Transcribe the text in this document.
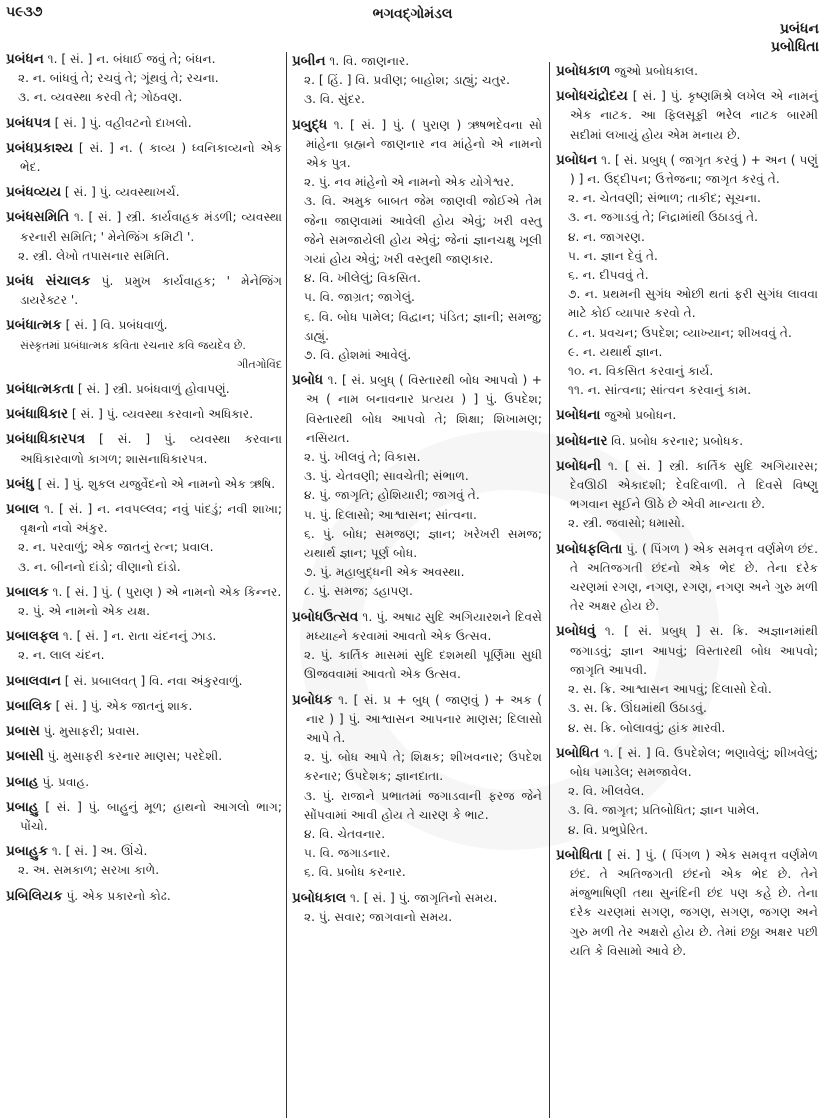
૫૯૩૭	ભગવદ્ગોમંડલ
પ્રબંધન
પ્રબોધિતા
પ્રબંધન ૧. [ સં. ] ન. બંધાઈ જવું તે; બંધન.
૨. ન. બાંધવું તે; રચવું તે; ગૂંથવું તે; રચના.
૩. ન. વ્યવસ્થા કરવી તે; ગોઠવણ.
પ્રબંધપત્ર [ સં. ] પું. વહીવટનો દાખલો.
પ્રબંધપ્રકાશ્ય [ સં. ] ન. ( કાવ્ય ) ધ્વનિકાવ્યનો એક ભેદ.
પ્રબંધવ્યય [ સં. ] પું. વ્યવસ્થાખર્ચ.
પ્રબંધસમિતિ ૧. [ સં. ] સ્ત્રી. કાર્યવાહક મંડળી; વ્યવસ્થા કરનારી સમિતિ; ' મેનેજિંગ કમિટી '.
૨. સ્ત્રી. લેખો તપાસનાર સમિતિ.
પ્રબંધ સંચાલક પું. પ્રમુખ કાર્યવાહક; ' મેનેજિંગ ડાયરેક્ટર '.
પ્રબંધાત્મક [ સં. ] વિ. પ્રબંધવાળું.
સંસ્કૃતમાં પ્રબંધાત્મક કવિતા રચનાર કવિ જયદેવ છે.
ગીતગોવિંદ
પ્રબંધાત્મકતા [ સં. ] સ્ત્રી. પ્રબંધવાળું હોવાપણું.
પ્રબંધાધિકાર [ સં. ] પું. વ્યવસ્થા કરવાનો અધિકાર.
પ્રબંધાધિકારપત્ર [ સં. ] પું. વ્યવસ્થા કરવાના અધિકારવાળો કાગળ; શાસનાધિકારપત્ર.
પ્રબંધુ [ સં. ] પું. શુકલ યજુર્વેદનો એ નામનો એક ઋષિ.
પ્રબાલ ૧. [ સં. ] ન. નવપલ્લવ; નવું પાંદડું; નવી શાખા; વૃક્ષનો નવો અંકુર.
૨. ન. પરવાળું; એક જાતનું રત્ન; પ્રવાલ.
૩. ન. બીનનો દાંડો; વીણાનો દાંડો.
પ્રબાલક ૧. [ સં. ] પું. ( પુરાણ ) એ નામનો એક કિન્નર.
૨. પું. એ નામનો એક યક્ષ.
પ્રબાલફલ ૧. [ સં. ] ન. રાતા ચંદનનું ઝાડ.
૨. ન. લાલ ચંદન.
પ્રબાલવાન [ સં. પ્રબાલવત્ ] વિ. નવા અંકુરવાળું.
પ્રબાલિક [ સં. ] પું. એક જાતનું શાક.
પ્રબાસ પું. મુસાફરી; પ્રવાસ.
પ્રબાસી પું. મુસાફરી કરનાર માણસ; પરદેશી.
પ્રબાહ પું. પ્રવાહ.
પ્રબાહુ [ સં. ] પું. બાહુનું મૂળ; હાથનો આગલો ભાગ; પોંચો.
પ્રબાહુક ૧. [ સં. ] અ. ઊંચે.
૨. અ. સમકાળ; સરખા કાળે.
પ્રબિલિયક પું. એક પ્રકારનો કોઢ.
પ્રબીન ૧. વિ. જાણનાર.
૨. [ હિં. ] વિ. પ્રવીણ; બાહોશ; ડાહ્યું; ચતુર.
૩. વિ. સુંદર.
પ્રબુદ્ધ ૧. [ સં. ] પું. ( પુરાણ ) ઋષભદેવના સો માંહેના બ્રહ્મને જાણનાર નવ માંહેનો એ નામનો એક પુત્ર.
૨. પું. નવ માંહેનો એ નામનો એક યોગેશ્વર.
૩. વિ. અમુક બાબત જેમ જાણવી જોઈએ તેમ જેના જાણવામાં આવેલી હોય એવું; ખરી વસ્તુ જેને સમજાયેલી હોય એવું; જેનાં જ્ઞાનચક્ષુ ખૂલી ગયાં હોય એવું; ખરી વસ્તુથી જાણકાર.
૪. વિ. ખીલેલું; વિકસિત.
૫. વિ. જાગ્રત; જાગેલું.
૬. વિ. બોધ પામેલ; વિદ્વાન; પંડિત; જ્ઞાની; સમજુ; ડાહ્યું.
૭. વિ. હોશમાં આવેલું.
પ્રબોધ ૧. [ સં. પ્રબુધ્ ( વિસ્તારથી બોધ આપવો ) + અ ( નામ બનાવનાર પ્રત્યય ) ] પું. ઉપદેશ; વિસ્તારથી બોધ આપવો તે; શિક્ષા; શિખામણ; નસિયત.
૨. પું. ખીલવું તે; વિકાસ.
૩. પું. ચેતવણી; સાવચેતી; સંભાળ.
૪. પું. જાગૃતિ; હોશિયારી; જાગવું તે.
૫. પું. દિલાસો; આશ્વાસન; સાંત્વના.
૬. પું. બોધ; સમજણ; જ્ઞાન; ખરેખરી સમજ; યથાર્થ જ્ઞાન; પૂર્ણ બોધ.
૭. પું. મહાબુદ્ધની એક અવસ્થા.
૮. પું. સમજ; ડહાપણ.
પ્રબોધઉત્સવ ૧. પું. અષાઢ સુદિ અગિયારશને દિવસે મધ્યાહ્ને કરવામાં આવતો એક ઉત્સવ.
૨. પું. કાર્તિક માસમાં સુદિ દશમથી પૂર્ણિમા સુધી ઊજવવામાં આવતો એક ઉત્સવ.
પ્રબોધક ૧. [ સં. પ્ર + બુધ્ ( જાણવું ) + અક ( નાર ) ] પું. આશ્વાસન આપનાર માણસ; દિલાસો આપે તે.
૨. પું. બોધ આપે તે; શિક્ષક; શીખવનાર; ઉપદેશ કરનાર; ઉપદેશક; જ્ઞાનદાતા.
૩. પું. રાજાને પ્રભાતમાં જગાડવાની ફરજ જેને સોંપવામાં આવી હોય તે ચારણ કે ભાટ.
૪. વિ. ચેતવનાર.
૫. વિ. જગાડનાર.
૬. વિ. પ્રબોધ કરનાર.
પ્રબોધકાલ ૧. [ સં. ] પું. જાગૃતિનો સમય.
૨. પું. સવાર; જાગવાનો સમય.
પ્રબોધકાળ જુઓ પ્રબોધકાલ.
પ્રબોધચંદ્રોદય [ સં. ] પું. કૃષ્ણમિશ્રે લખેલ એ નામનું એક નાટક. આ ફિલસૂફી ભરેલ નાટક બારમી સદીમાં લખાયું હોય એમ મનાય છે.
પ્રબોધન ૧. [ સં. પ્રબુધ્ ( જાગૃત કરવું ) + અન ( પણું ) ] ન. ઉદ્દીપન; ઉત્તેજના; જાગૃત કરવું તે.
૨. ન. ચેતવણી; સંભાળ; તાકીદ; સૂચના.
૩. ન. જગાડવું તે; નિદ્રામાંથી ઉઠાડવું તે.
૪. ન. જાગરણ.
૫. ન. જ્ઞાન દેવું તે.
૬. ન. દીપવવું તે.
૭. ન. પ્રથમની સુગંધ ઓછી થતાં ફરી સુગંધ લાવવા માટે કોઈ વ્યાપાર કરવો તે.
૮. ન. પ્રવચન; ઉપદેશ; વ્યાખ્યાન; શીખવવું તે.
૯. ન. યથાર્થ જ્ઞાન.
૧૦. ન. વિકસિત કરવાનું કાર્ય.
૧૧. ન. સાંત્વના; સાંત્વન કરવાનું કામ.
પ્રબોધના જુઓ પ્રબોધન.
પ્રબોધનાર વિ. પ્રબોધ કરનાર; પ્રબોધક.
પ્રબોધની ૧. [ સં. ] સ્ત્રી. કાર્તિક સુદિ અગિયારસ; દેવઊઠી એકાદશી; દેવદિવાળી. તે દિવસે વિષ્ણુ ભગવાન સૂઈને ઊઠે છે એવી માન્યતા છે.
૨. સ્ત્રી. જવાસો; ધમાસો.
પ્રબોધફલિતા પું. ( પિંગળ ) એક સમવૃત્ત વર્ણમેળ છંદ. તે અતિજગતી છંદનો એક ભેદ છે. તેના દરેક ચરણમાં રગણ, નગણ, રગણ, નગણ અને ગુરુ મળી તેર અક્ષર હોય છે.
પ્રબોધવું ૧. [ સં. પ્રબુધ્ ] સ. ક્રિ. અજ્ઞાનમાંથી જગાડવું; જ્ઞાન આપવું; વિસ્તારથી બોધ આપવો; જાગૃતિ આપવી.
૨. સ. ક્રિ. આશ્વાસન આપવું; દિલાસો દેવો.
૩. સ. ક્રિ. ઊંઘમાંથી ઉઠાડવું.
૪. સ. ક્રિ. બોલાવવું; હાંક મારવી.
પ્રબોધિત ૧. [ સં. ] વિ. ઉપદેશેલ; ભણાવેલું; શીખવેલું; બોધ પમાડેલ; સમજાવેલ.
૨. વિ. ખીલવેલ.
૩. વિ. જાગૃત; પ્રતિબોધિત; જ્ઞાન પામેલ.
૪. વિ. પ્રભુપ્રેરિત.
પ્રબોધિતા [ સં. ] પું. ( પિંગળ ) એક સમવૃત્ત વર્ણમેળ છંદ. તે અતિજગતી છંદનો એક ભેદ છે. તેને મંજુભાષિણી તથા સુનંદિની છંદ પણ કહે છે. તેના દરેક ચરણમાં સગણ, જગણ, સગણ, જગણ અને ગુરુ મળી તેર અક્ષરો હોય છે. તેમાં છઠ્ઠા અક્ષર પછી યતિ કે વિસામો આવે છે.
